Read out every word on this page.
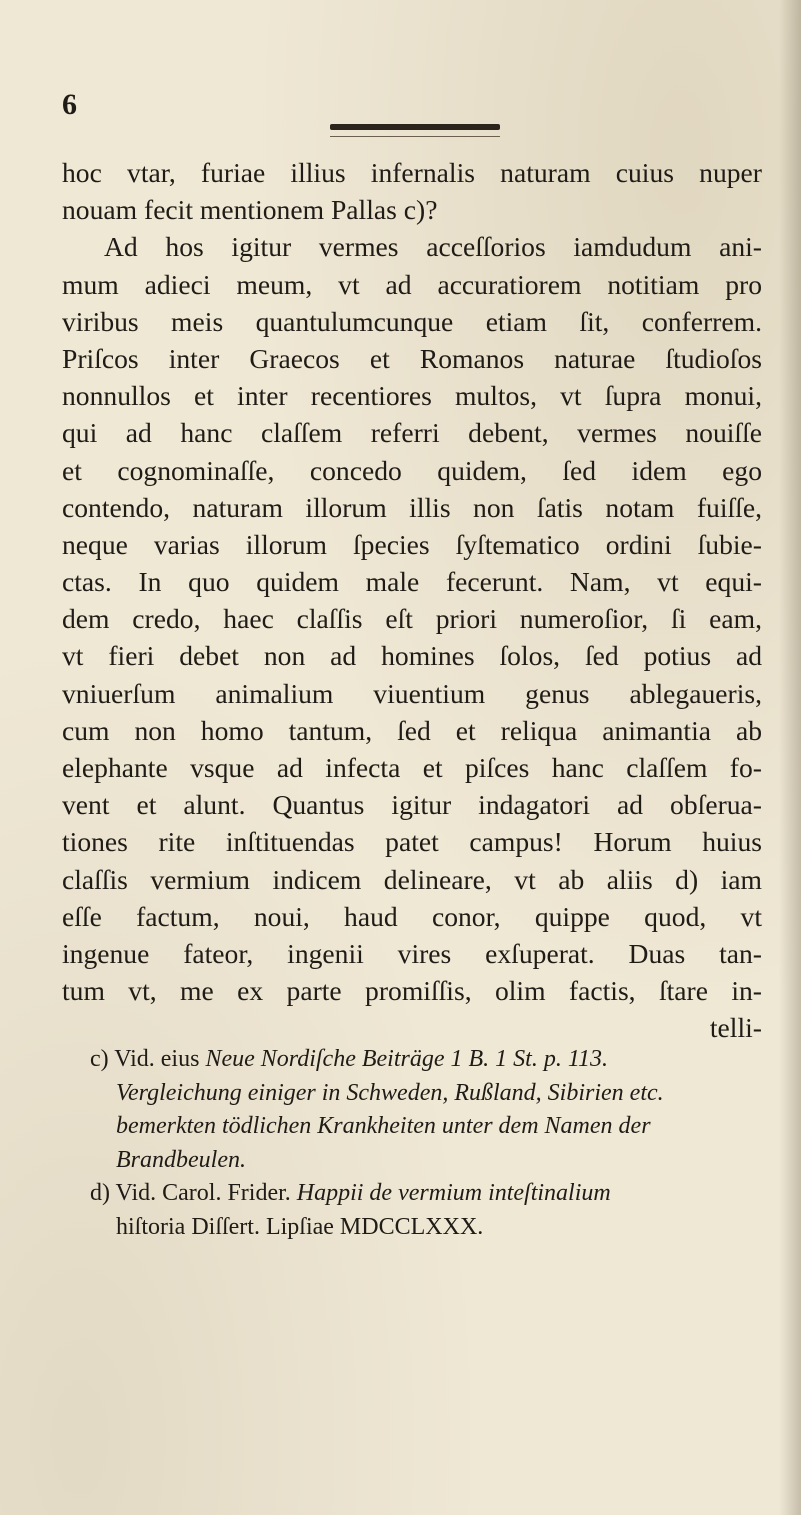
6
hoc vtar, furiae illius infernalis naturam cuius nuper
nouam fecit mentionem Pallas c)?
Ad hos igitur vermes acceſſorios iamdudum ani-
mum adieci meum, vt ad accuratiorem notitiam pro
viribus meis quantulumcunque etiam ſit, conferrem.
Priſcos inter Graecos et Romanos naturae ſtudioſos
nonnullos et inter recentiores multos, vt ſupra monui,
qui ad hanc claſſem referri debent, vermes nouiſſe
et cognominaſſe, concedo quidem, ſed idem ego
contendo, naturam illorum illis non ſatis notam fuiſſe,
neque varias illorum ſpecies ſyſtematico ordini ſubie-
ctas. In quo quidem male fecerunt. Nam, vt equi-
dem credo, haec claſſis eſt priori numeroſior, ſi eam,
vt fieri debet non ad homines ſolos, ſed potius ad
vniuerſum animalium viuentium genus ablegaueris,
cum non homo tantum, ſed et reliqua animantia ab
elephante vsque ad infecta et piſces hanc claſſem fo-
vent et alunt. Quantus igitur indagatori ad obſerua-
tiones rite inſtituendas patet campus! Horum huius
claſſis vermium indicem delineare, vt ab aliis d) iam
eſſe factum, noui, haud conor, quippe quod, vt
ingenue fateor, ingenii vires exſuperat. Duas tan-
tum vt, me ex parte promiſſis, olim factis, ſtare in-
telli-
c) Vid. eius Neue Nordiſche Beiträge 1 B. 1 St. p. 113.
Vergleichung einiger in Schweden, Rußland, Sibirien etc.
bemerkten tödlichen Krankheiten unter dem Namen der
Brandbeulen.
d) Vid. Carol. Frider. Happii de vermium inteſtinalium
hiſtoria Diſſert. Lipſiae MDCCLXXX.
